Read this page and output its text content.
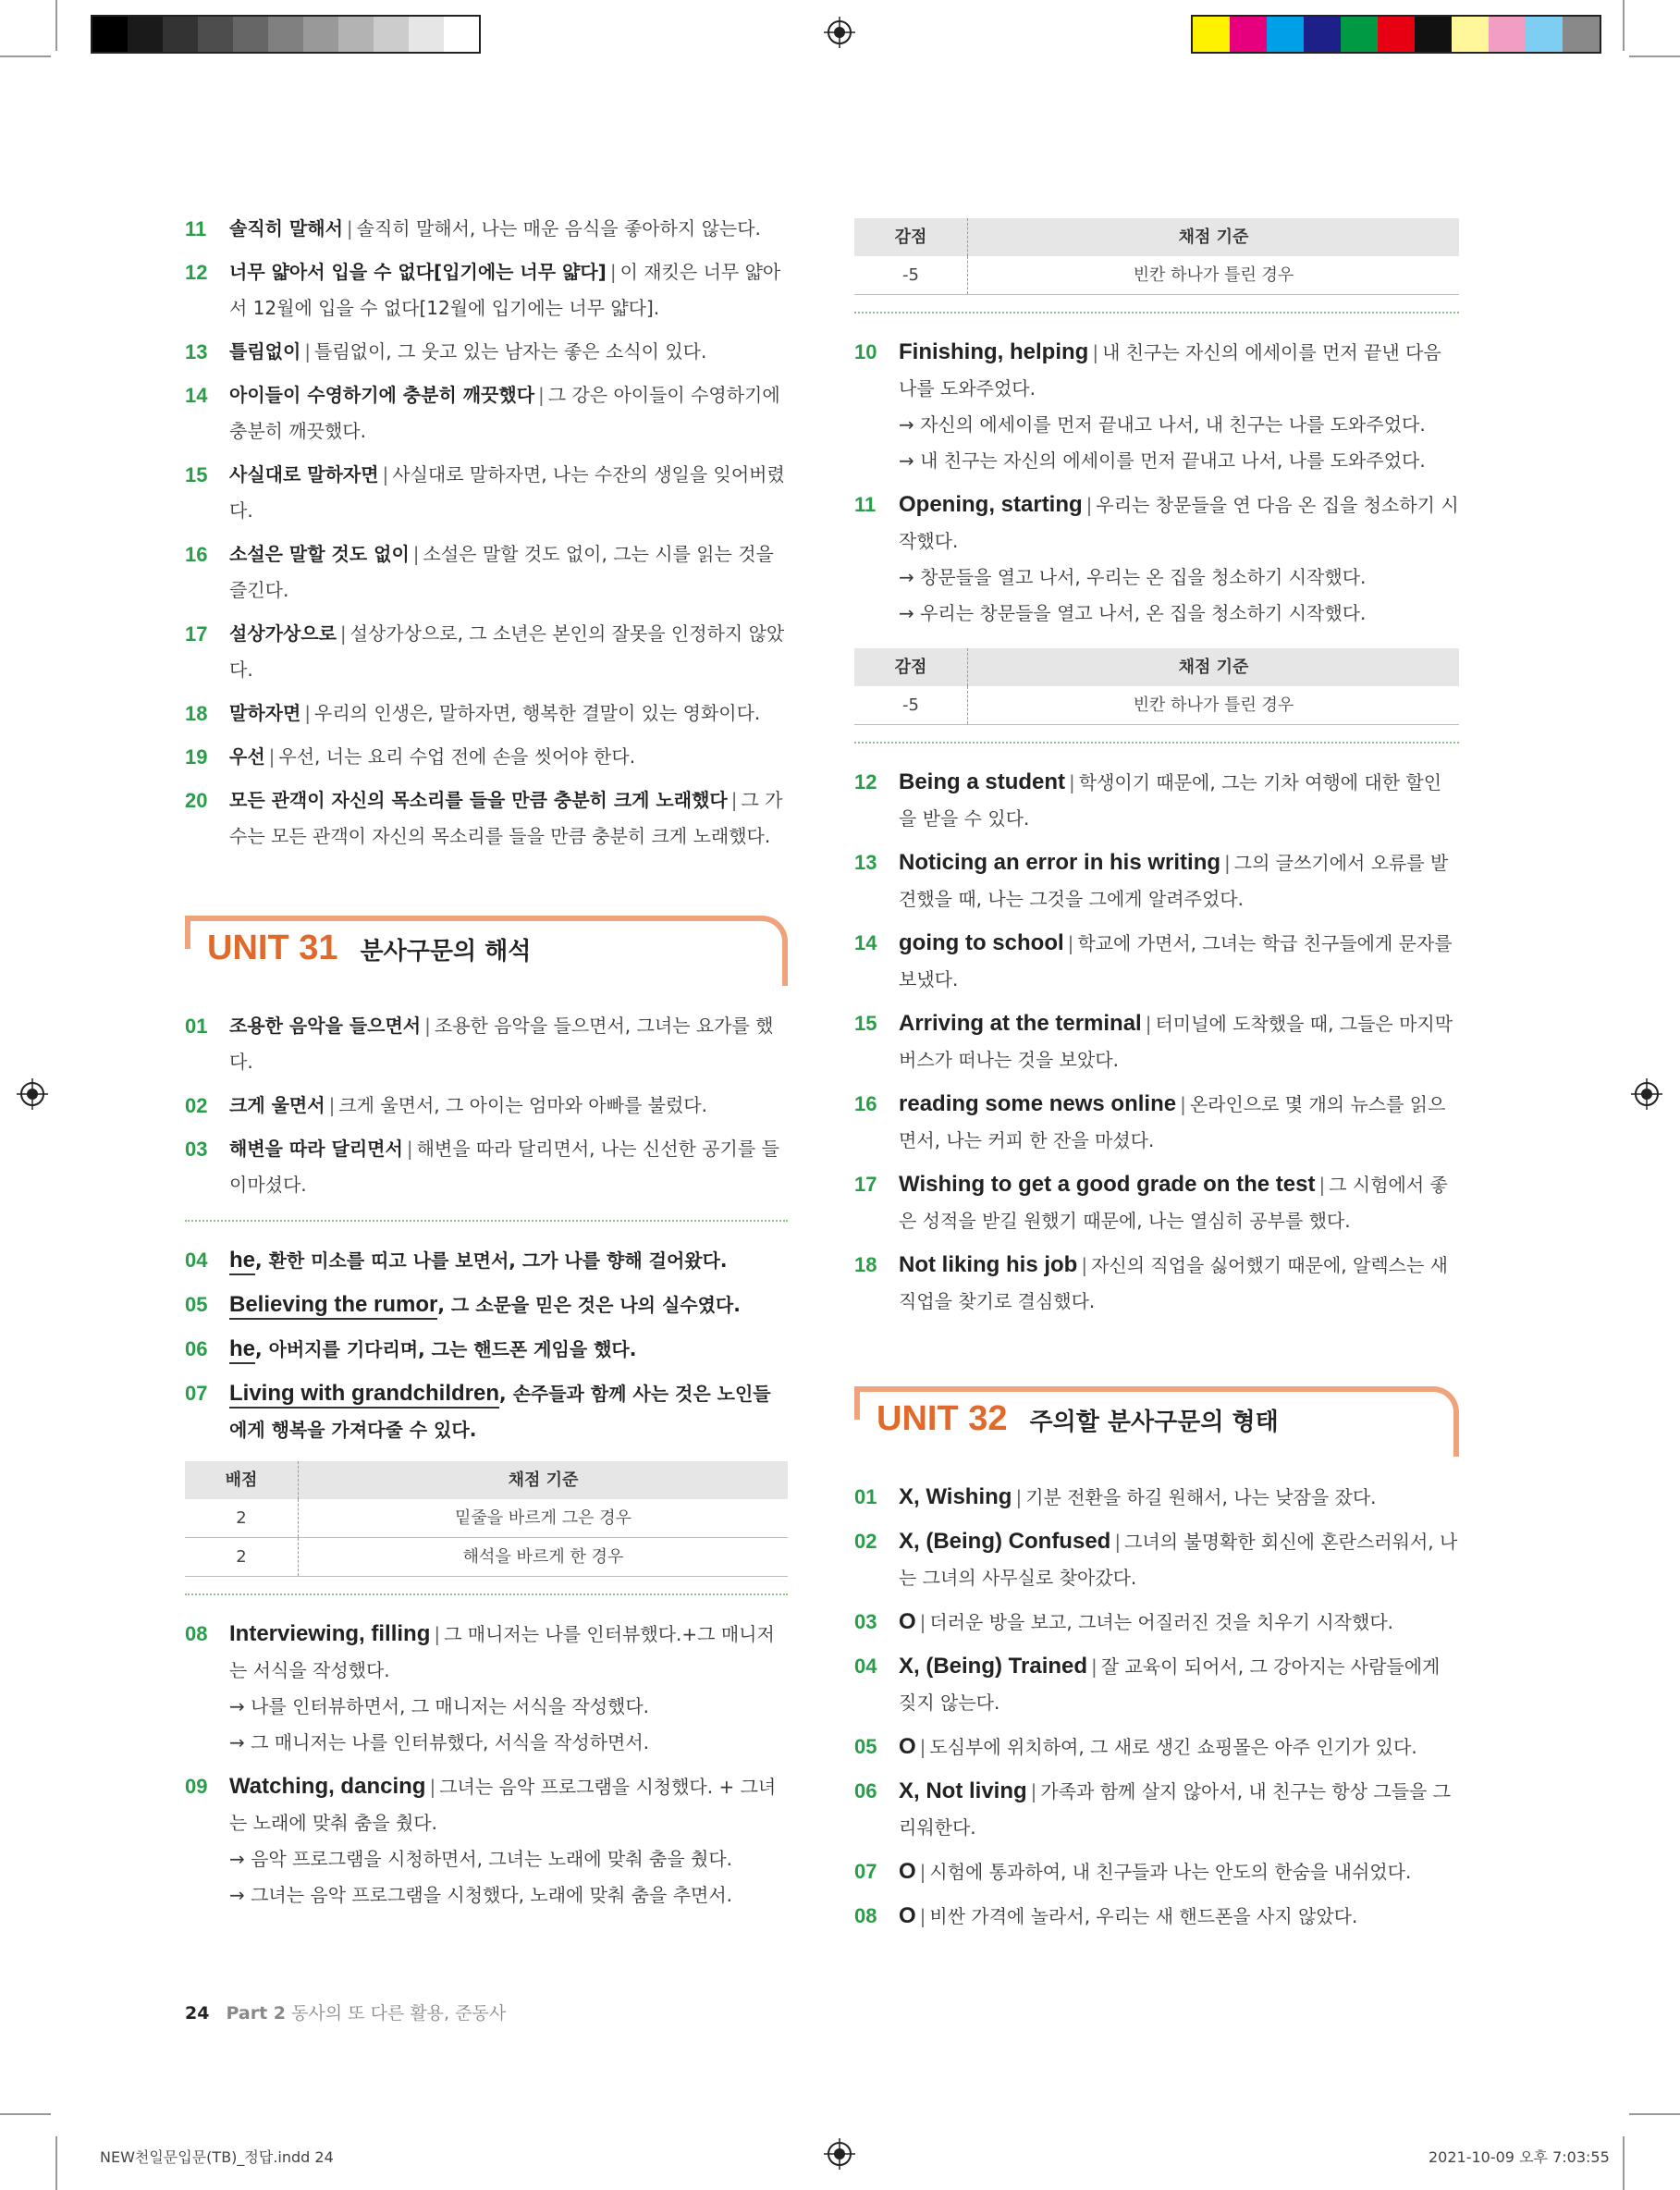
11 솔직히 말해서 | 솔직히 말해서, 나는 매운 음식을 좋아하지 않는다.
12 너무 얇아서 입을 수 없다[입기에는 너무 얇다] | 이 재킷은 너무 얇아서 12월에 입을 수 없다[12월에 입기에는 너무 얇다].
13 틀림없이 | 틀림없이, 그 웃고 있는 남자는 좋은 소식이 있다.
14 아이들이 수영하기에 충분히 깨끗했다 | 그 강은 아이들이 수영하기에 충분히 깨끗했다.
15 사실대로 말하자면 | 사실대로 말하자면, 나는 수잔의 생일을 잊어버렸다.
16 소설은 말할 것도 없이 | 소설은 말할 것도 없이, 그는 시를 읽는 것을 즐긴다.
17 설상가상으로 | 설상가상으로, 그 소년은 본인의 잘못을 인정하지 않았다.
18 말하자면 | 우리의 인생은, 말하자면, 행복한 결말이 있는 영화이다.
19 우선 | 우선, 너는 요리 수업 전에 손을 씻어야 한다.
20 모든 관객이 자신의 목소리를 들을 만큼 충분히 크게 노래했다 | 그 가수는 모든 관객이 자신의 목소리를 들을 만큼 충분히 크게 노래했다.
UNIT 31 분사구문의 해석
01 조용한 음악을 들으면서 | 조용한 음악을 들으면서, 그녀는 요가를 했다.
02 크게 울면서 | 크게 울면서, 그 아이는 엄마와 아빠를 불렀다.
03 해변을 따라 달리면서 | 해변을 따라 달리면서, 나는 신선한 공기를 들이마셨다.
04 he, 환한 미소를 띠고 나를 보면서, 그가 나를 향해 걸어왔다.
05 Believing the rumor, 그 소문을 믿은 것은 나의 실수였다.
06 he, 아버지를 기다리며, 그는 핸드폰 게임을 했다.
07 Living with grandchildren, 손주들과 함께 사는 것은 노인들에게 행복을 가져다줄 수 있다.
배점	채점 기준
2	밑줄을 바르게 그은 경우
2	해석을 바르게 한 경우
08 Interviewing, filling | 그 매니저는 나를 인터뷰했다.+그 매니저는 서식을 작성했다.
→ 나를 인터뷰하면서, 그 매니저는 서식을 작성했다.
→ 그 매니저는 나를 인터뷰했다, 서식을 작성하면서.
09 Watching, dancing | 그녀는 음악 프로그램을 시청했다. + 그녀는 노래에 맞춰 춤을 췄다.
→ 음악 프로그램을 시청하면서, 그녀는 노래에 맞춰 춤을 췄다.
→ 그녀는 음악 프로그램을 시청했다, 노래에 맞춰 춤을 추면서.
감점	채점 기준
-5	빈칸 하나가 틀린 경우
10 Finishing, helping | 내 친구는 자신의 에세이를 먼저 끝낸 다음 나를 도와주었다.
→ 자신의 에세이를 먼저 끝내고 나서, 내 친구는 나를 도와주었다.
→ 내 친구는 자신의 에세이를 먼저 끝내고 나서, 나를 도와주었다.
11 Opening, starting | 우리는 창문들을 연 다음 온 집을 청소하기 시작했다.
→ 창문들을 열고 나서, 우리는 온 집을 청소하기 시작했다.
→ 우리는 창문들을 열고 나서, 온 집을 청소하기 시작했다.
감점	채점 기준
-5	빈칸 하나가 틀린 경우
12 Being a student | 학생이기 때문에, 그는 기차 여행에 대한 할인을 받을 수 있다.
13 Noticing an error in his writing | 그의 글쓰기에서 오류를 발견했을 때, 나는 그것을 그에게 알려주었다.
14 going to school | 학교에 가면서, 그녀는 학급 친구들에게 문자를 보냈다.
15 Arriving at the terminal | 터미널에 도착했을 때, 그들은 마지막 버스가 떠나는 것을 보았다.
16 reading some news online | 온라인으로 몇 개의 뉴스를 읽으면서, 나는 커피 한 잔을 마셨다.
17 Wishing to get a good grade on the test | 그 시험에서 좋은 성적을 받길 원했기 때문에, 나는 열심히 공부를 했다.
18 Not liking his job | 자신의 직업을 싫어했기 때문에, 알렉스는 새 직업을 찾기로 결심했다.
UNIT 32 주의할 분사구문의 형태
01 X, Wishing | 기분 전환을 하길 원해서, 나는 낮잠을 잤다.
02 X, (Being) Confused | 그녀의 불명확한 회신에 혼란스러워서, 나는 그녀의 사무실로 찾아갔다.
03 O | 더러운 방을 보고, 그녀는 어질러진 것을 치우기 시작했다.
04 X, (Being) Trained | 잘 교육이 되어서, 그 강아지는 사람들에게 짖지 않는다.
05 O | 도심부에 위치하여, 그 새로 생긴 쇼핑몰은 아주 인기가 있다.
06 X, Not living | 가족과 함께 살지 않아서, 내 친구는 항상 그들을 그리워한다.
07 O | 시험에 통과하여, 내 친구들과 나는 안도의 한숨을 내쉬었다.
08 O | 비싼 가격에 놀라서, 우리는 새 핸드폰을 사지 않았다.
24 Part 2 동사의 또 다른 활용, 준동사
NEW천일문입문(TB)_정답.indd 24	2021-10-09 오후 7:03:55
